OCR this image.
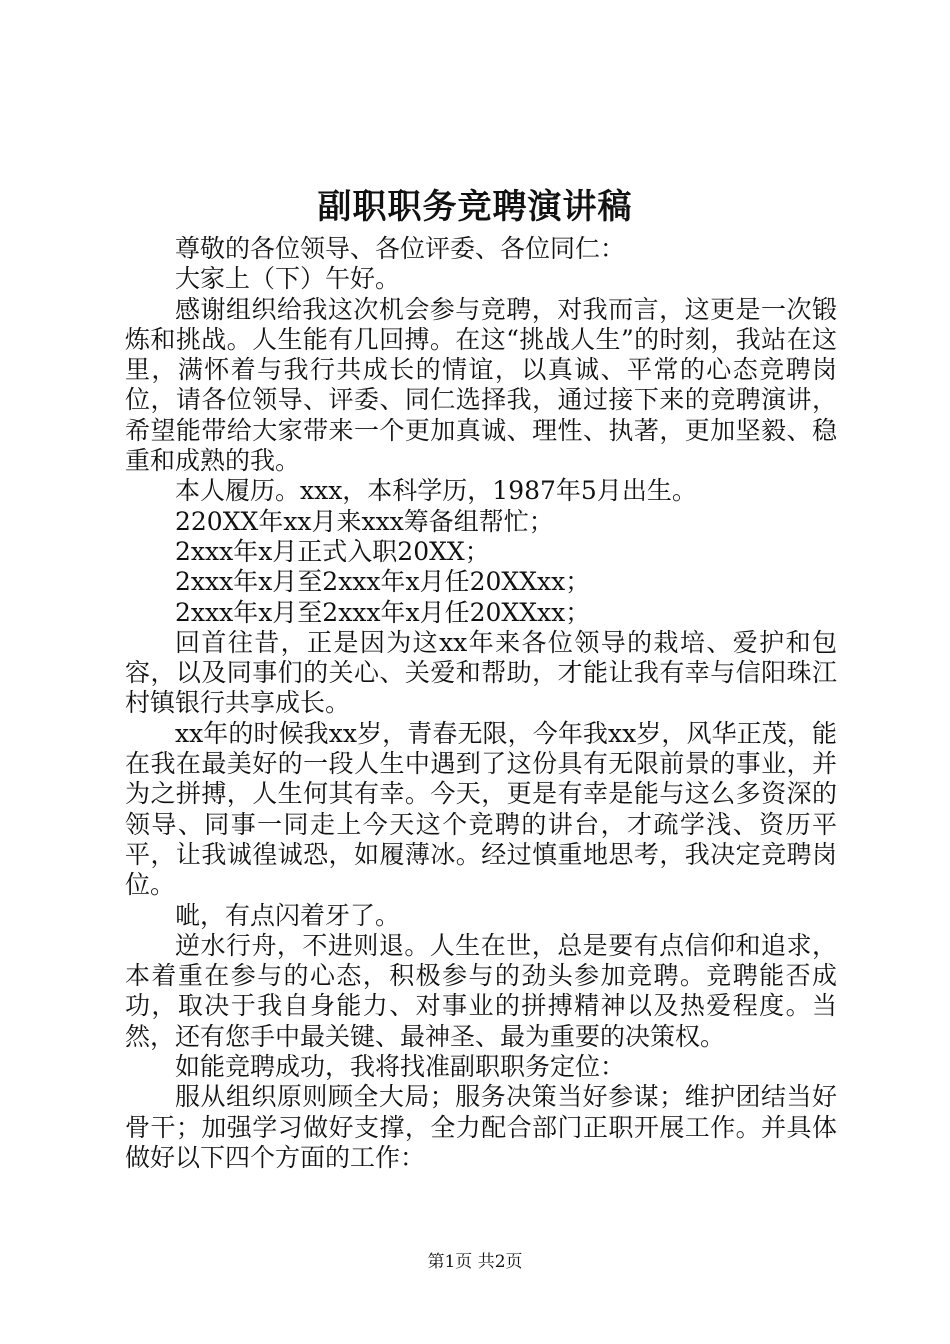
副职职务竞聘演讲稿

尊敬的各位领导、各位评委、各位同仁：

大家上（下）午好。

感谢组织给我这次机会参与竞聘，对我而言，这更是一次锻炼和挑战。人生能有几回搏。在这“挑战人生”的时刻，我站在这里，满怀着与我行共成长的情谊，以真诚、平常的心态竞聘岗位，请各位领导、评委、同仁选择我，通过接下来的竞聘演讲，希望能带给大家带来一个更加真诚、理性、执著，更加坚毅、稳重和成熟的我。

本人履历。xxx，本科学历，1987年5月出生。

220XX年xx月来xxx筹备组帮忙；

2xxx年x月正式入职20XX；

2xxx年x月至2xxx年x月任20XXxx；

2xxx年x月至2xxx年x月任20XXxx；

回首往昔，正是因为这xx年来各位领导的栽培、爱护和包容，以及同事们的关心、关爱和帮助，才能让我有幸与信阳珠江村镇银行共享成长。

xx年的时候我xx岁，青春无限，今年我xx岁，风华正茂，能在我在最美好的一段人生中遇到了这份具有无限前景的事业，并为之拼搏，人生何其有幸。今天，更是有幸是能与这么多资深的领导、同事一同走上今天这个竞聘的讲台，才疏学浅、资历平平，让我诚徨诚恐，如履薄冰。经过慎重地思考，我决定竞聘岗位。

呲，有点闪着牙了。

逆水行舟，不进则退。人生在世，总是要有点信仰和追求，本着重在参与的心态，积极参与的劲头参加竞聘。竞聘能否成功，取决于我自身能力、对事业的拼搏精神以及热爱程度。当然，还有您手中最关键、最神圣、最为重要的决策权。

如能竞聘成功，我将找准副职职务定位：

服从组织原则顾全大局；服务决策当好参谋；维护团结当好骨干；加强学习做好支撑，全力配合部门正职开展工作。并具体做好以下四个方面的工作：

第1页 共2页
